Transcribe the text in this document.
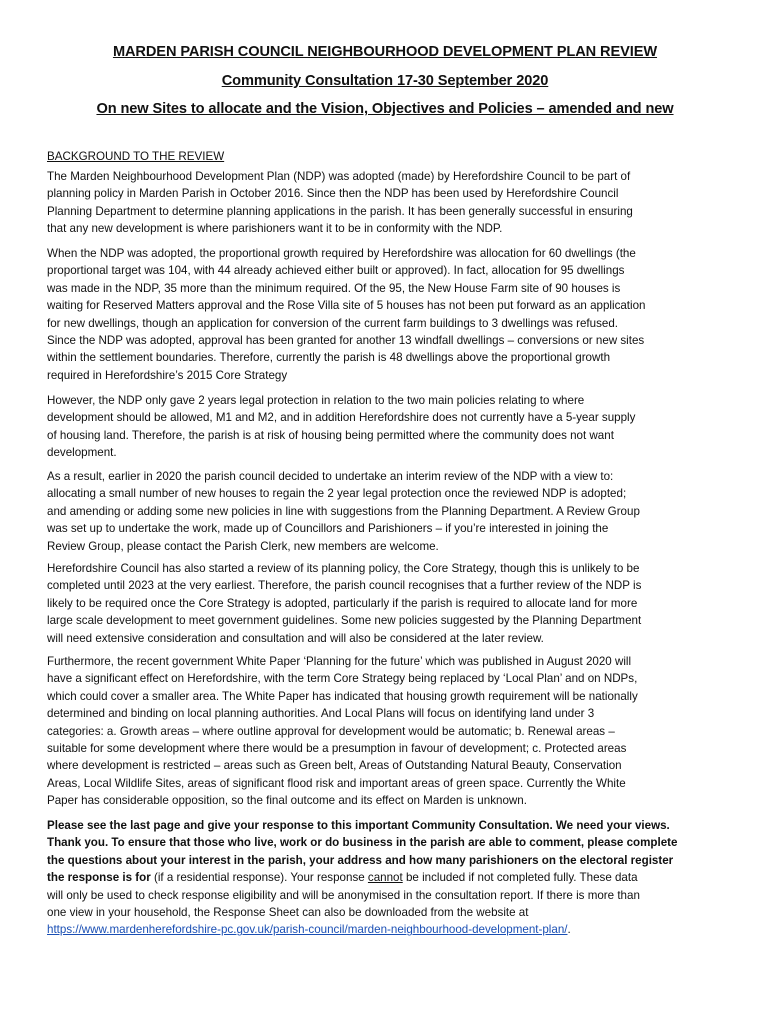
MARDEN PARISH COUNCIL NEIGHBOURHOOD DEVELOPMENT PLAN REVIEW
Community Consultation 17-30 September 2020
On new Sites to allocate and the Vision, Objectives and Policies – amended and new
BACKGROUND TO THE REVIEW
The Marden Neighbourhood Development Plan (NDP) was adopted (made) by Herefordshire Council to be part of
planning policy in Marden Parish in October 2016. Since then the NDP has been used by Herefordshire Council
Planning Department to determine planning applications in the parish. It has been generally successful in ensuring
that any new development is where parishioners want it to be in conformity with the NDP.
When the NDP was adopted, the proportional growth required by Herefordshire was allocation for 60 dwellings (the
proportional target was 104, with 44 already achieved either built or approved). In fact, allocation for 95 dwellings
was made in the NDP, 35 more than the minimum required. Of the 95, the New House Farm site of 90 houses is
waiting for Reserved Matters approval and the Rose Villa site of 5 houses has not been put forward as an application
for new dwellings, though an application for conversion of the current farm buildings to 3 dwellings was refused.
Since the NDP was adopted, approval has been granted for another 13 windfall dwellings – conversions or new sites
within the settlement boundaries. Therefore, currently the parish is 48 dwellings above the proportional growth
required in Herefordshire’s 2015 Core Strategy
However, the NDP only gave 2 years legal protection in relation to the two main policies relating to where
development should be allowed, M1 and M2, and in addition Herefordshire does not currently have a 5-year supply
of housing land. Therefore, the parish is at risk of housing being permitted where the community does not want
development.
As a result, earlier in 2020 the parish council decided to undertake an interim review of the NDP with a view to:
allocating a small number of new houses to regain the 2 year legal protection once the reviewed NDP is adopted;
and amending or adding some new policies in line with suggestions from the Planning Department. A Review Group
was set up to undertake the work, made up of Councillors and Parishioners – if you’re interested in joining the
Review Group, please contact the Parish Clerk, new members are welcome.
Herefordshire Council has also started a review of its planning policy, the Core Strategy, though this is unlikely to be
completed until 2023 at the very earliest. Therefore, the parish council recognises that a further review of the NDP is
likely to be required once the Core Strategy is adopted, particularly if the parish is required to allocate land for more
large scale development to meet government guidelines. Some new policies suggested by the Planning Department
will need extensive consideration and consultation and will also be considered at the later review.
Furthermore, the recent government White Paper ‘Planning for the future’ which was published in August 2020 will
have a significant effect on Herefordshire, with the term Core Strategy being replaced by ‘Local Plan’ and on NDPs,
which could cover a smaller area. The White Paper has indicated that housing growth requirement will be nationally
determined and binding on local planning authorities. And Local Plans will focus on identifying land under 3
categories: a. Growth areas – where outline approval for development would be automatic; b. Renewal areas –
suitable for some development where there would be a presumption in favour of development; c. Protected areas
where development is restricted – areas such as Green belt, Areas of Outstanding Natural Beauty, Conservation
Areas, Local Wildlife Sites, areas of significant flood risk and important areas of green space. Currently the White
Paper has considerable opposition, so the final outcome and its effect on Marden is unknown.
Please see the last page and give your response to this important Community Consultation. We need your views.
Thank you. To ensure that those who live, work or do business in the parish are able to comment, please complete
the questions about your interest in the parish, your address and how many parishioners on the electoral register
the response is for (if a residential response). Your response cannot be included if not completed fully. These data
will only be used to check response eligibility and will be anonymised in the consultation report. If there is more than
one view in your household, the Response Sheet can also be downloaded from the website at
https://www.mardenherefordshire-pc.gov.uk/parish-council/marden-neighbourhood-development-plan/.
